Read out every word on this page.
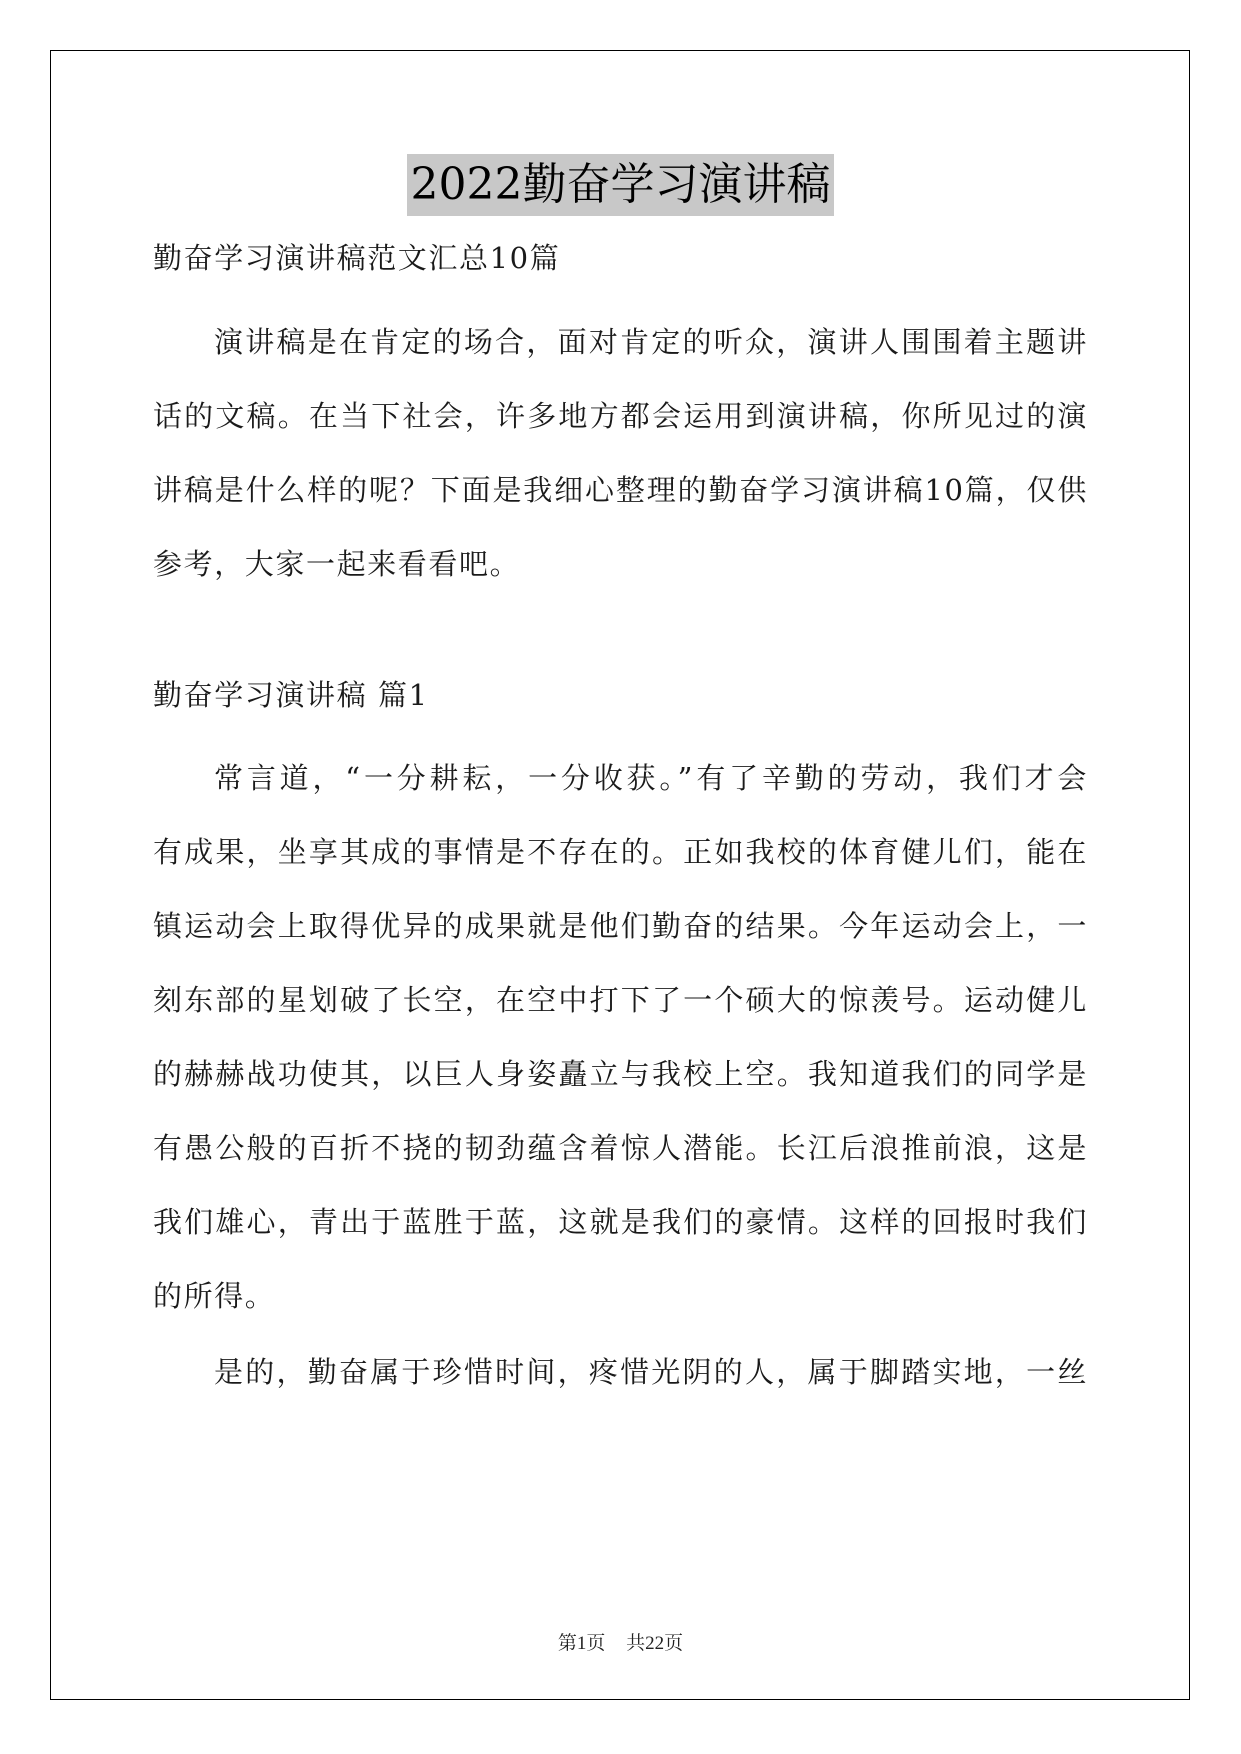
2022勤奋学习演讲稿
勤奋学习演讲稿范文汇总10篇
演讲稿是在肯定的场合，面对肯定的听众，演讲人围围着主题讲
话的文稿。在当下社会，许多地方都会运用到演讲稿，你所见过的演
讲稿是什么样的呢？下面是我细心整理的勤奋学习演讲稿10篇，仅供
参考，大家一起来看看吧。
勤奋学习演讲稿 篇1
常言道，“一分耕耘，一分收获。”有了辛勤的劳动，我们才会
有成果，坐享其成的事情是不存在的。正如我校的体育健儿们，能在
镇运动会上取得优异的成果就是他们勤奋的结果。今年运动会上，一
刻东部的星划破了长空，在空中打下了一个硕大的惊羡号。运动健儿
的赫赫战功使其，以巨人身姿矗立与我校上空。我知道我们的同学是
有愚公般的百折不挠的韧劲蕴含着惊人潜能。长江后浪推前浪，这是
我们雄心，青出于蓝胜于蓝，这就是我们的豪情。这样的回报时我们
的所得。
是的，勤奋属于珍惜时间，疼惜光阴的人，属于脚踏实地，一丝
第1页 共22页
